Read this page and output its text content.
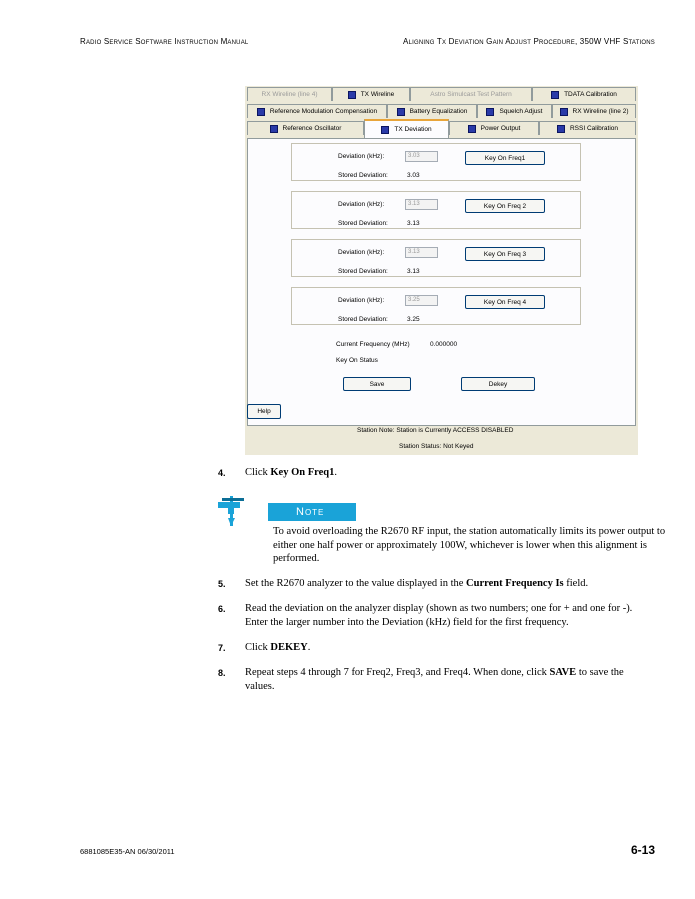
Radio Service Software Instruction Manual	Aligning Tx Deviation Gain Adjust Procedure, 350W VHF Stations
RX Wireline (line 4)	TX Wireline	Astro Simulcast Test Pattern	TDATA Calibration
Reference Modulation Compensation	Battery Equalization	Squelch Adjust	RX Wireline (line 2)
Reference Oscillator	TX Deviation	Power Output	RSSI Calibration
Deviation (kHz):	3.03	Key On Freq1
Stored Deviation:	3.03
Deviation (kHz):	3.13	Key On Freq 2
Stored Deviation:	3.13
Deviation (kHz):	3.13	Key On Freq 3
Stored Deviation:	3.13
Deviation (kHz):	3.25	Key On Freq 4
Stored Deviation:	3.25
Current Frequency (MHz)	0.000000
Key On Status
Save	Dekey
Help
Station Note: Station is Currently ACCESS DISABLED
Station Status: Not Keyed
4. Click Key On Freq1.
Note
To avoid overloading the R2670 RF input, the station automatically limits its power output to either one half power or approximately 100W, whichever is lower when this alignment is performed.
5. Set the R2670 analyzer to the value displayed in the Current Frequency Is field.
6. Read the deviation on the analyzer display (shown as two numbers; one for + and one for -). Enter the larger number into the Deviation (kHz) field for the first frequency.
7. Click DEKEY.
8. Repeat steps 4 through 7 for Freq2, Freq3, and Freq4. When done, click SAVE to save the values.
6881085E35-AN 06/30/2011	6-13
